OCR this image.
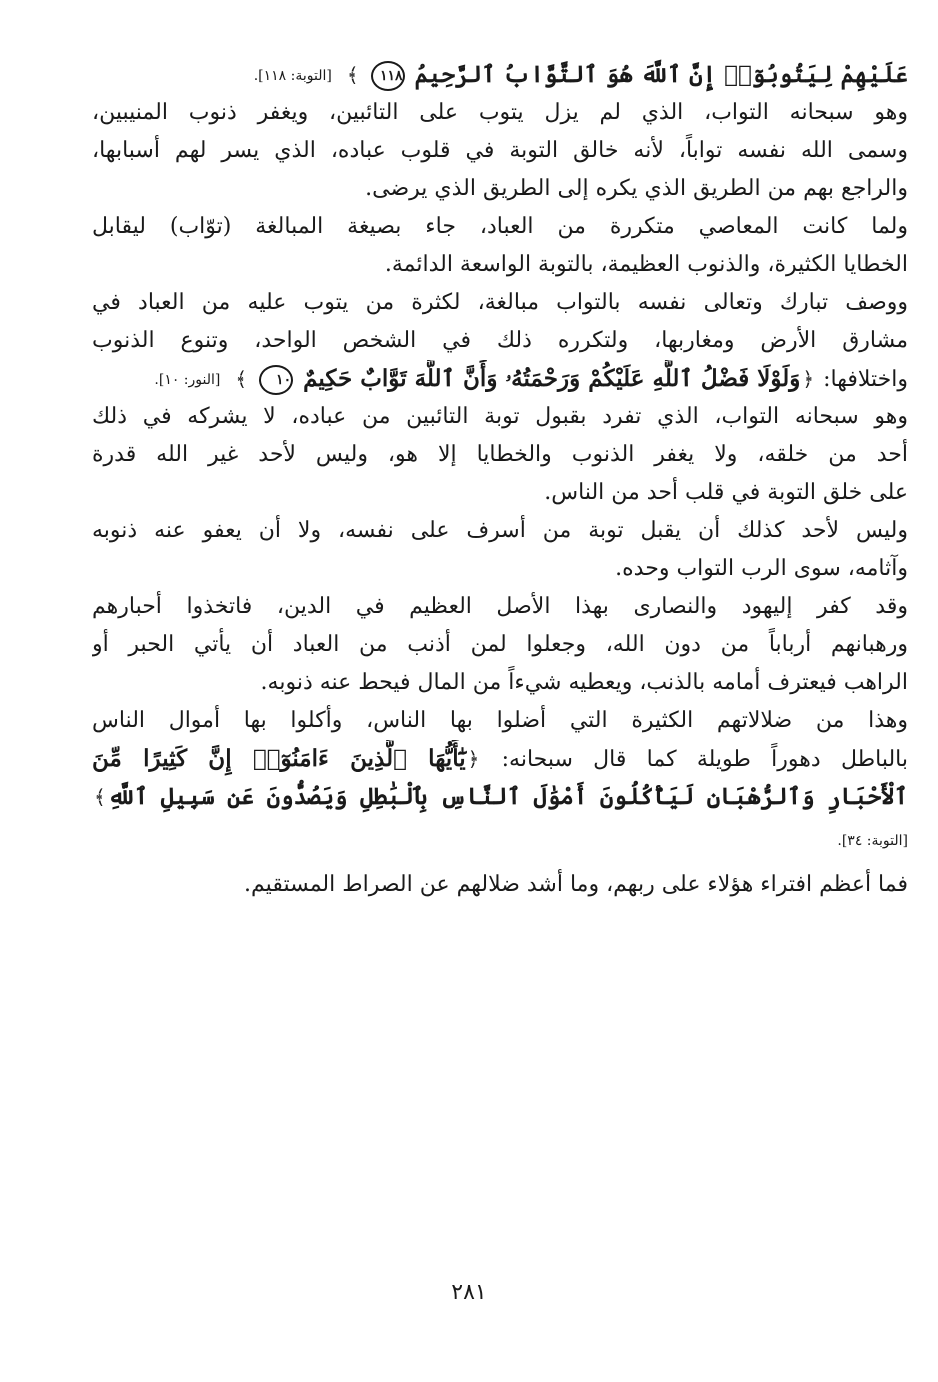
عَلَيْهِمْ لِيَتُوبُوٓا۟ إِنَّ ٱللَّهَ هُوَ ٱلتَّوَّابُ ٱلرَّحِيمُ ١١٨ ﴾ [التوبة: ١١٨].
وهو سبحانه التواب، الذي لم يزل يتوب على التائبين، ويغفر ذنوب المنيبين،
وسمى الله نفسه تواباً، لأنه خالق التوبة في قلوب عباده، الذي يسر لهم أسبابها،
والراجع بهم من الطريق الذي يكره إلى الطريق الذي يرضى.
ولما كانت المعاصي متكررة من العباد، جاء بصيغة المبالغة (توّاب) ليقابل
الخطايا الكثيرة، والذنوب العظيمة، بالتوبة الواسعة الدائمة.
ووصف تبارك وتعالى نفسه بالتواب مبالغة، لكثرة من يتوب عليه من العباد في
مشارق الأرض ومغاربها، ولتكرره ذلك في الشخص الواحد، وتنوع الذنوب
واختلافها: ﴿وَلَوْلَا فَضْلُ ٱللَّهِ عَلَيْكُمْ وَرَحْمَتُهُۥ وَأَنَّ ٱللَّهَ تَوَّابٌ حَكِيمٌ ١٠ ﴾ [النور: ١٠].
وهو سبحانه التواب، الذي تفرد بقبول توبة التائبين من عباده، لا يشركه في ذلك
أحد من خلقه، ولا يغفر الذنوب والخطايا إلا هو، وليس لأحد غير الله قدرة
على خلق التوبة في قلب أحد من الناس.
وليس لأحد كذلك أن يقبل توبة من أسرف على نفسه، ولا أن يعفو عنه ذنوبه
وآثامه، سوى الرب التواب وحده.
وقد كفر إليهود والنصارى بهذا الأصل العظيم في الدين، فاتخذوا أحبارهم
ورهبانهم أرباباً من دون الله، وجعلوا لمن أذنب من العباد أن يأتي الحبر أو
الراهب فيعترف أمامه بالذنب، ويعطيه شيءاً من المال فيحط عنه ذنوبه.
وهذا من ضلالاتهم الكثيرة التي أضلوا بها الناس، وأكلوا بها أموال الناس
بالباطل دهوراً طويلة كما قال سبحانه: ﴿يَٰٓأَيُّهَا ٱلَّذِينَ ءَامَنُوٓا۟ إِنَّ كَثِيرًا مِّنَ
ٱلْأَحْبَارِ وَٱلرُّهْبَانِ لَيَأْكُلُونَ أَمْوَٰلَ ٱلنَّاسِ بِٱلْبَٰطِلِ وَيَصُدُّونَ عَن سَبِيلِ ٱللَّهِ﴾
[التوبة: ٣٤].
فما أعظم افتراء هؤلاء على ربهم، وما أشد ضلالهم عن الصراط المستقيم.
٢٨١
